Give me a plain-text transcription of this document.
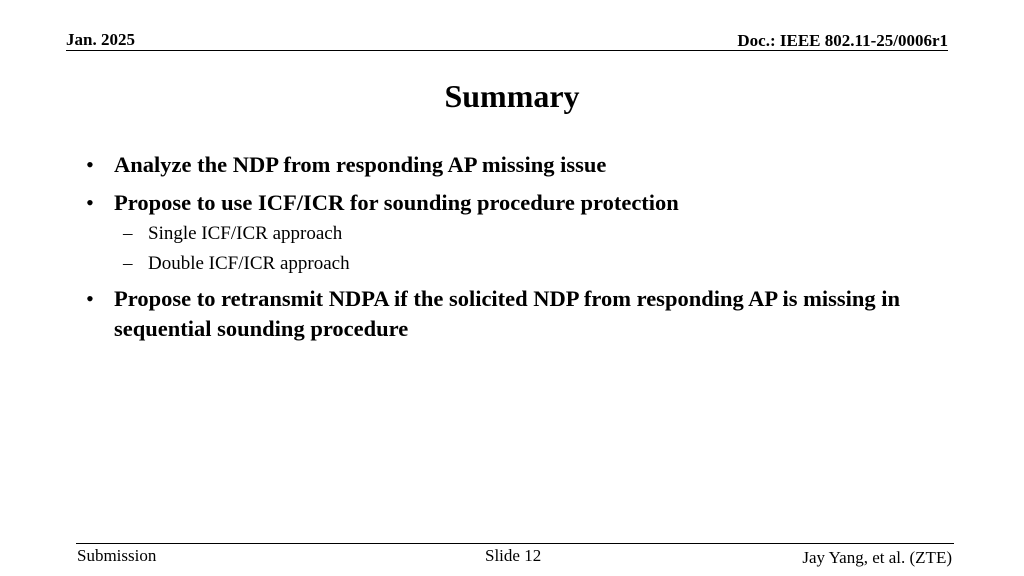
Jan. 2025	Doc.: IEEE 802.11-25/0006r1
Summary
• Analyze the NDP from responding AP missing issue
• Propose to use ICF/ICR for sounding procedure protection
– Single ICF/ICR approach
– Double ICF/ICR approach
• Propose to retransmit NDPA if the solicited NDP from responding AP is missing in sequential sounding procedure
Submission	Slide 12	Jay Yang, et al. (ZTE)
